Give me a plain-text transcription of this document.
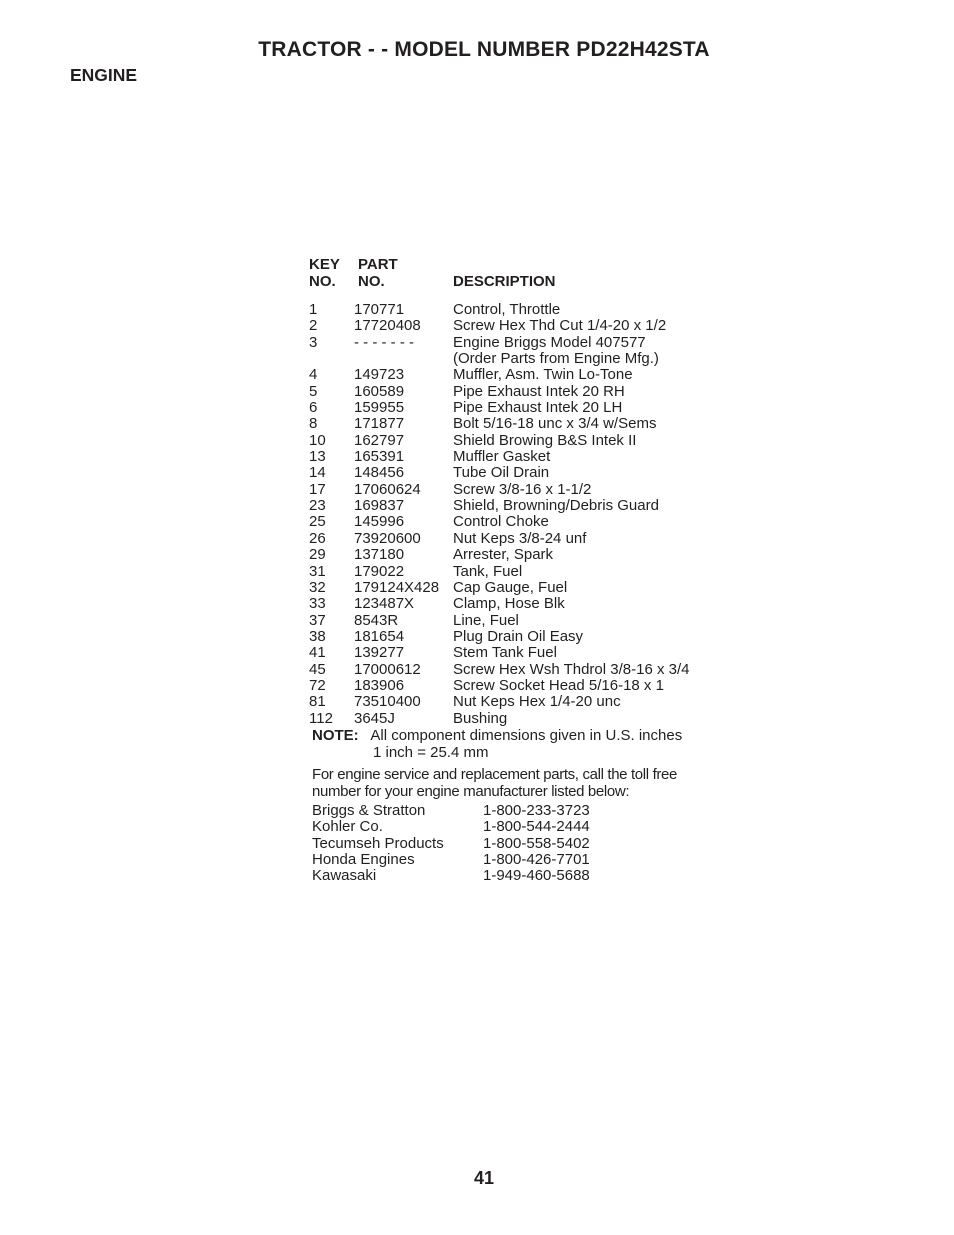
TRACTOR - - MODEL NUMBER PD22H42STA
ENGINE
KEY
NO.
PART
NO.	DESCRIPTION
1 170771	Control, Throttle
2 17720408 Screw Hex Thd Cut 1/4-20 x 1/2
3 - - - - - - -	Engine Briggs Model 407577
(Order Parts from Engine Mfg.)
4 149723	Muffler, Asm. Twin Lo-Tone
5 160589	Pipe Exhaust Intek 20 RH
6 159955	Pipe Exhaust Intek 20 LH
8 171877	Bolt 5/16-18 unc x 3/4 w/Sems
10 162797	Shield Browing B&S Intek II
13 165391	Muffler Gasket
14 148456	Tube Oil Drain
17 17060624 Screw 3/8-16 x 1-1/2
23 169837	Shield, Browning/Debris Guard
25 145996	Control Choke
26 73920600 Nut Keps 3/8-24 unf
29 137180	Arrester, Spark
31 179022	Tank, Fuel
32 179124X428 Cap Gauge, Fuel
33 123487X	Clamp, Hose Blk
37 8543R	Line, Fuel
38 181654	Plug Drain Oil Easy
41 139277	Stem Tank Fuel
45 17000612 Screw Hex Wsh Thdrol 3/8-16 x 3/4
72 183906	Screw Socket Head 5/16-18 x 1
81 73510400 Nut Keps Hex 1/4-20 unc
112 3645J	Bushing
NOTE: All component dimensions given in U.S. inches
1 inch = 25.4 mm
For engine service and replacement parts, call the toll free
number for your engine manufacturer listed below:
Briggs & Stratton	1-800-233-3723
Kohler Co.	1-800-544-2444
Tecumseh Products	1-800-558-5402
Honda Engines	1-800-426-7701
Kawasaki	1-949-460-5688
41
